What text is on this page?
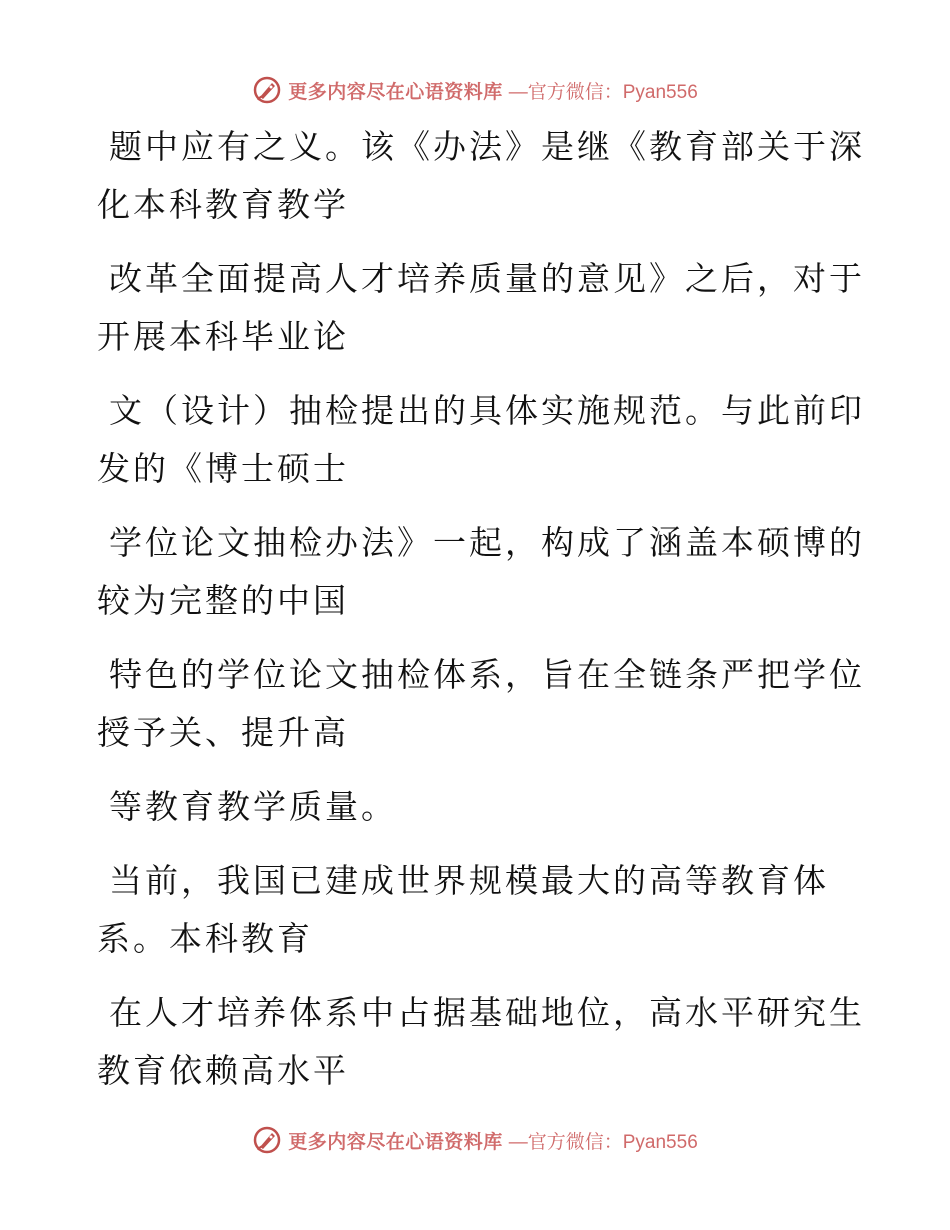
更多内容尽在心语资料库 —官方微信：Pyan556

题中应有之义。该《办法》是继《教育部关于深

化本科教育教学

改革全面提高人才培养质量的意见》之后，对于

开展本科毕业论

文（设计）抽检提出的具体实施规范。与此前印

发的《博士硕士

学位论文抽检办法》一起，构成了涵盖本硕博的

较为完整的中国

特色的学位论文抽检体系，旨在全链条严把学位

授予关、提升高

等教育教学质量。

当前，我国已建成世界规模最大的高等教育体

系。本科教育

在人才培养体系中占据基础地位，高水平研究生

教育依赖高水平

更多内容尽在心语资料库 —官方微信：Pyan556
